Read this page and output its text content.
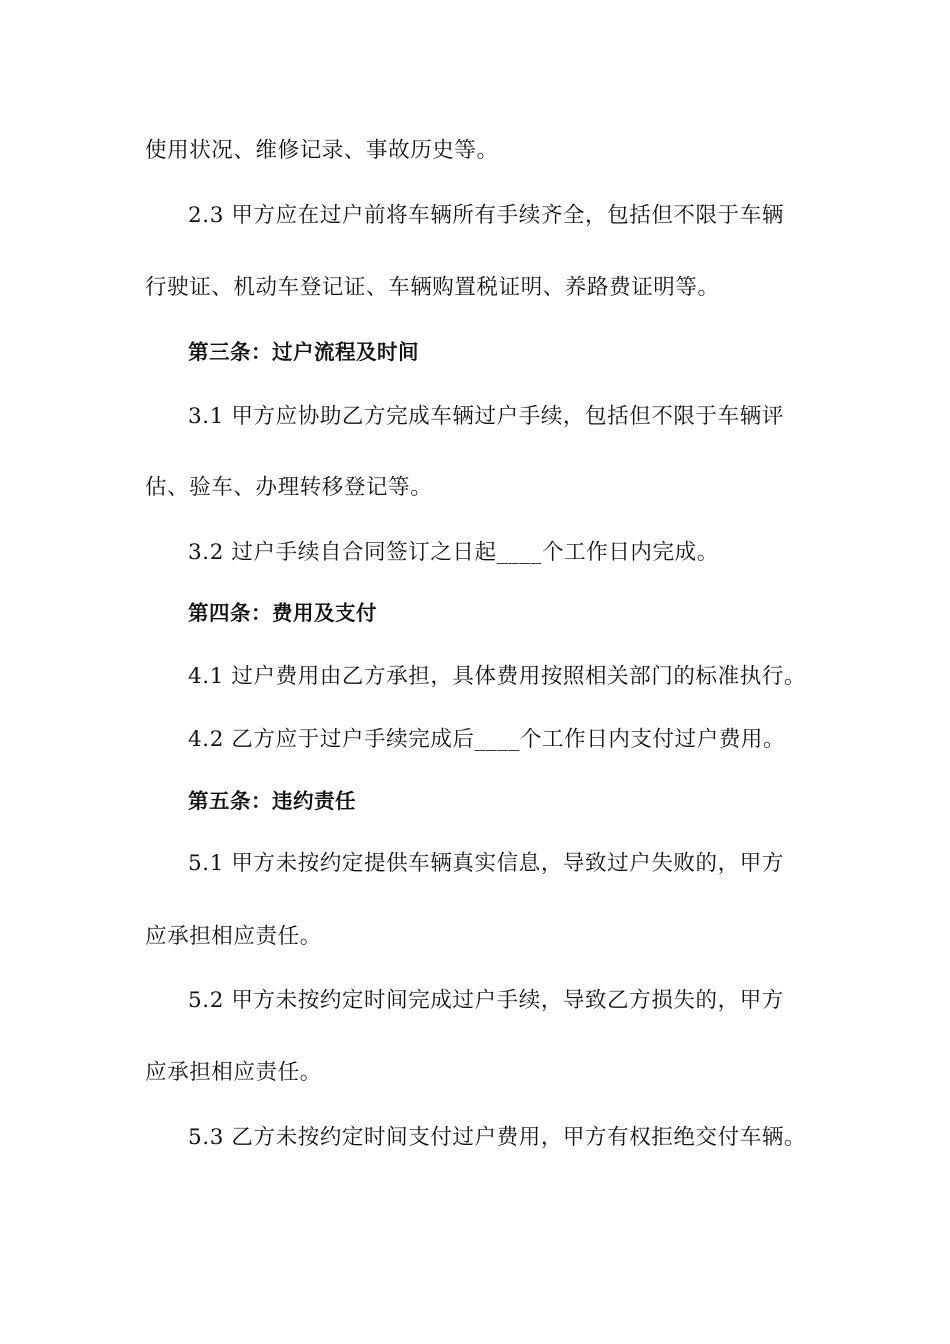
使用状况、维修记录、事故历史等。
2.3 甲方应在过户前将车辆所有手续齐全，包括但不限于车辆
行驶证、机动车登记证、车辆购置税证明、养路费证明等。
第三条：过户流程及时间
3.1 甲方应协助乙方完成车辆过户手续，包括但不限于车辆评
估、验车、办理转移登记等。
3.2 过户手续自合同签订之日起____个工作日内完成。
第四条：费用及支付
4.1 过户费用由乙方承担，具体费用按照相关部门的标准执行。
4.2 乙方应于过户手续完成后____个工作日内支付过户费用。
第五条：违约责任
5.1 甲方未按约定提供车辆真实信息，导致过户失败的，甲方
应承担相应责任。
5.2 甲方未按约定时间完成过户手续，导致乙方损失的，甲方
应承担相应责任。
5.3 乙方未按约定时间支付过户费用，甲方有权拒绝交付车辆。
